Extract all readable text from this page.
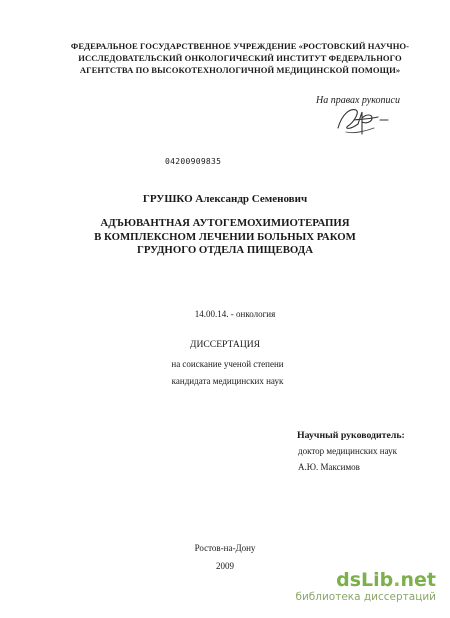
ФЕДЕРАЛЬНОЕ ГОСУДАРСТВЕННОЕ УЧРЕЖДЕНИЕ «РОСТОВСКИЙ НАУЧНО-
ИССЛЕДОВАТЕЛЬСКИЙ ОНКОЛОГИЧЕСКИЙ ИНСТИТУТ ФЕДЕРАЛЬНОГО
АГЕНТСТВА ПО ВЫСОКОТЕХНОЛОГИЧНОЙ МЕДИЦИНСКОЙ ПОМОЩИ»
На правах рукописи
04200909835
ГРУШКО Александр Семенович
АДЪЮВАНТНАЯ АУТОГЕМОХИМИОТЕРАПИЯ
В КОМПЛЕКСНОМ ЛЕЧЕНИИ БОЛЬНЫХ РАКОМ
ГРУДНОГО ОТДЕЛА ПИЩЕВОДА
14.00.14. - онкология
ДИССЕРТАЦИЯ
на соискание ученой степени
кандидата медицинских наук
Научный руководитель:
доктор медицинских наук
А.Ю. Максимов
Ростов-на-Дону
2009
dsLib.net
библиотека диссертаций
